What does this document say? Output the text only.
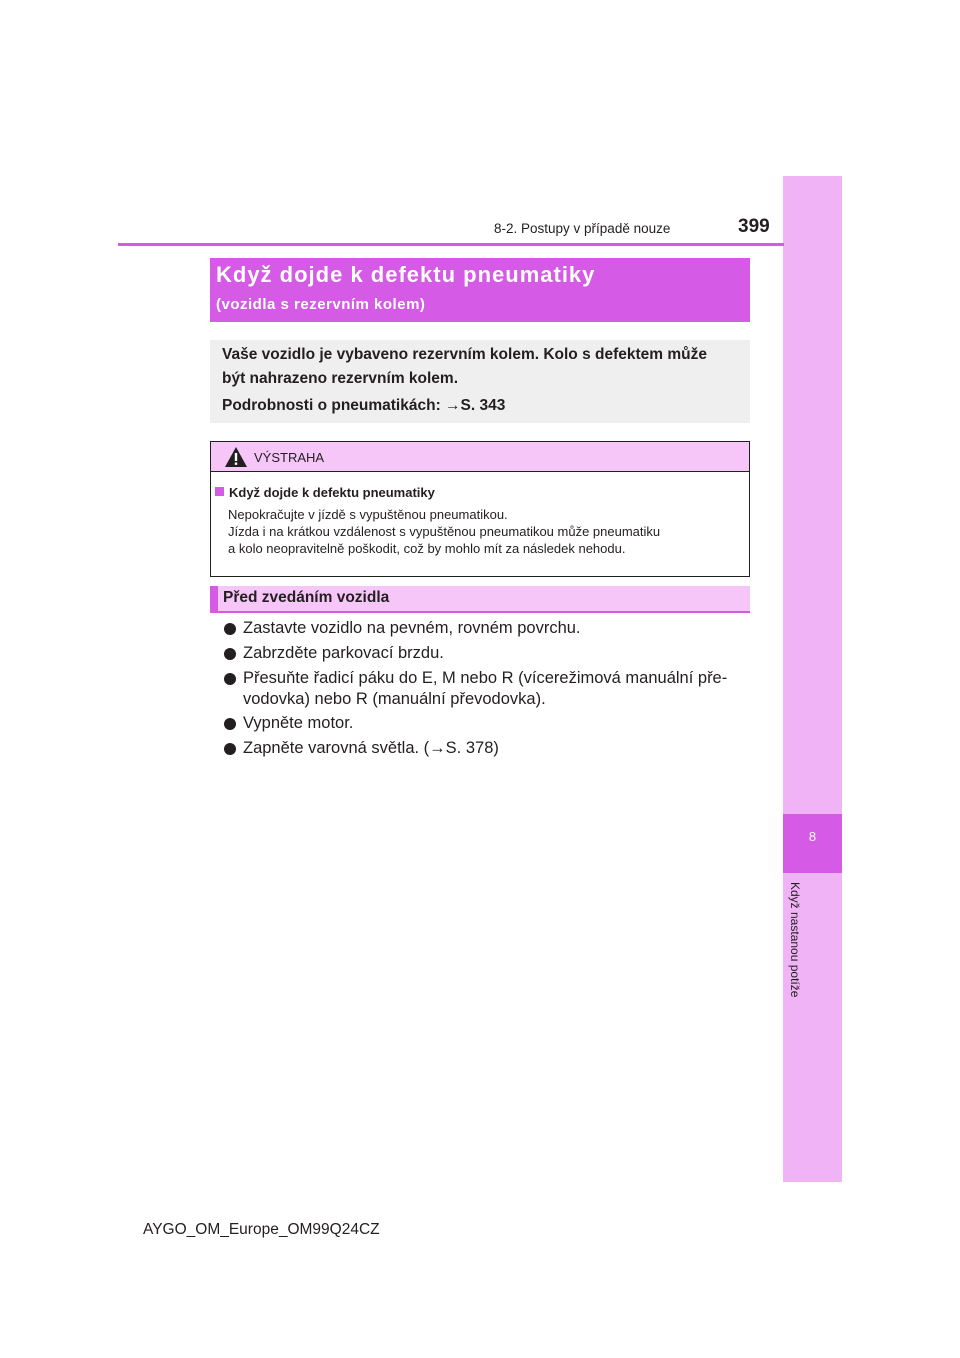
8
Když nastanou potíže
8-2. Postupy v případě nouze	399
Když dojde k defektu pneumatiky
(vozidla s rezervním kolem)
Vaše vozidlo je vybaveno rezervním kolem. Kolo s defektem může
být nahrazeno rezervním kolem.
Podrobnosti o pneumatikách: →S. 343
VÝSTRAHA
Když dojde k defektu pneumatiky
Nepokračujte v jízdě s vypuštěnou pneumatikou.
Jízda i na krátkou vzdálenost s vypuštěnou pneumatikou může pneumatiku
a kolo neopravitelně poškodit, což by mohlo mít za následek nehodu.
Před zvedáním vozidla
Zastavte vozidlo na pevném, rovném povrchu.
Zabrzděte parkovací brzdu.
Přesuňte řadicí páku do E, M nebo R (vícerežimová manuální pře-
vodovka) nebo R (manuální převodovka).
Vypněte motor.
Zapněte varovná světla. (→S. 378)
AYGO_OM_Europe_OM99Q24CZ
